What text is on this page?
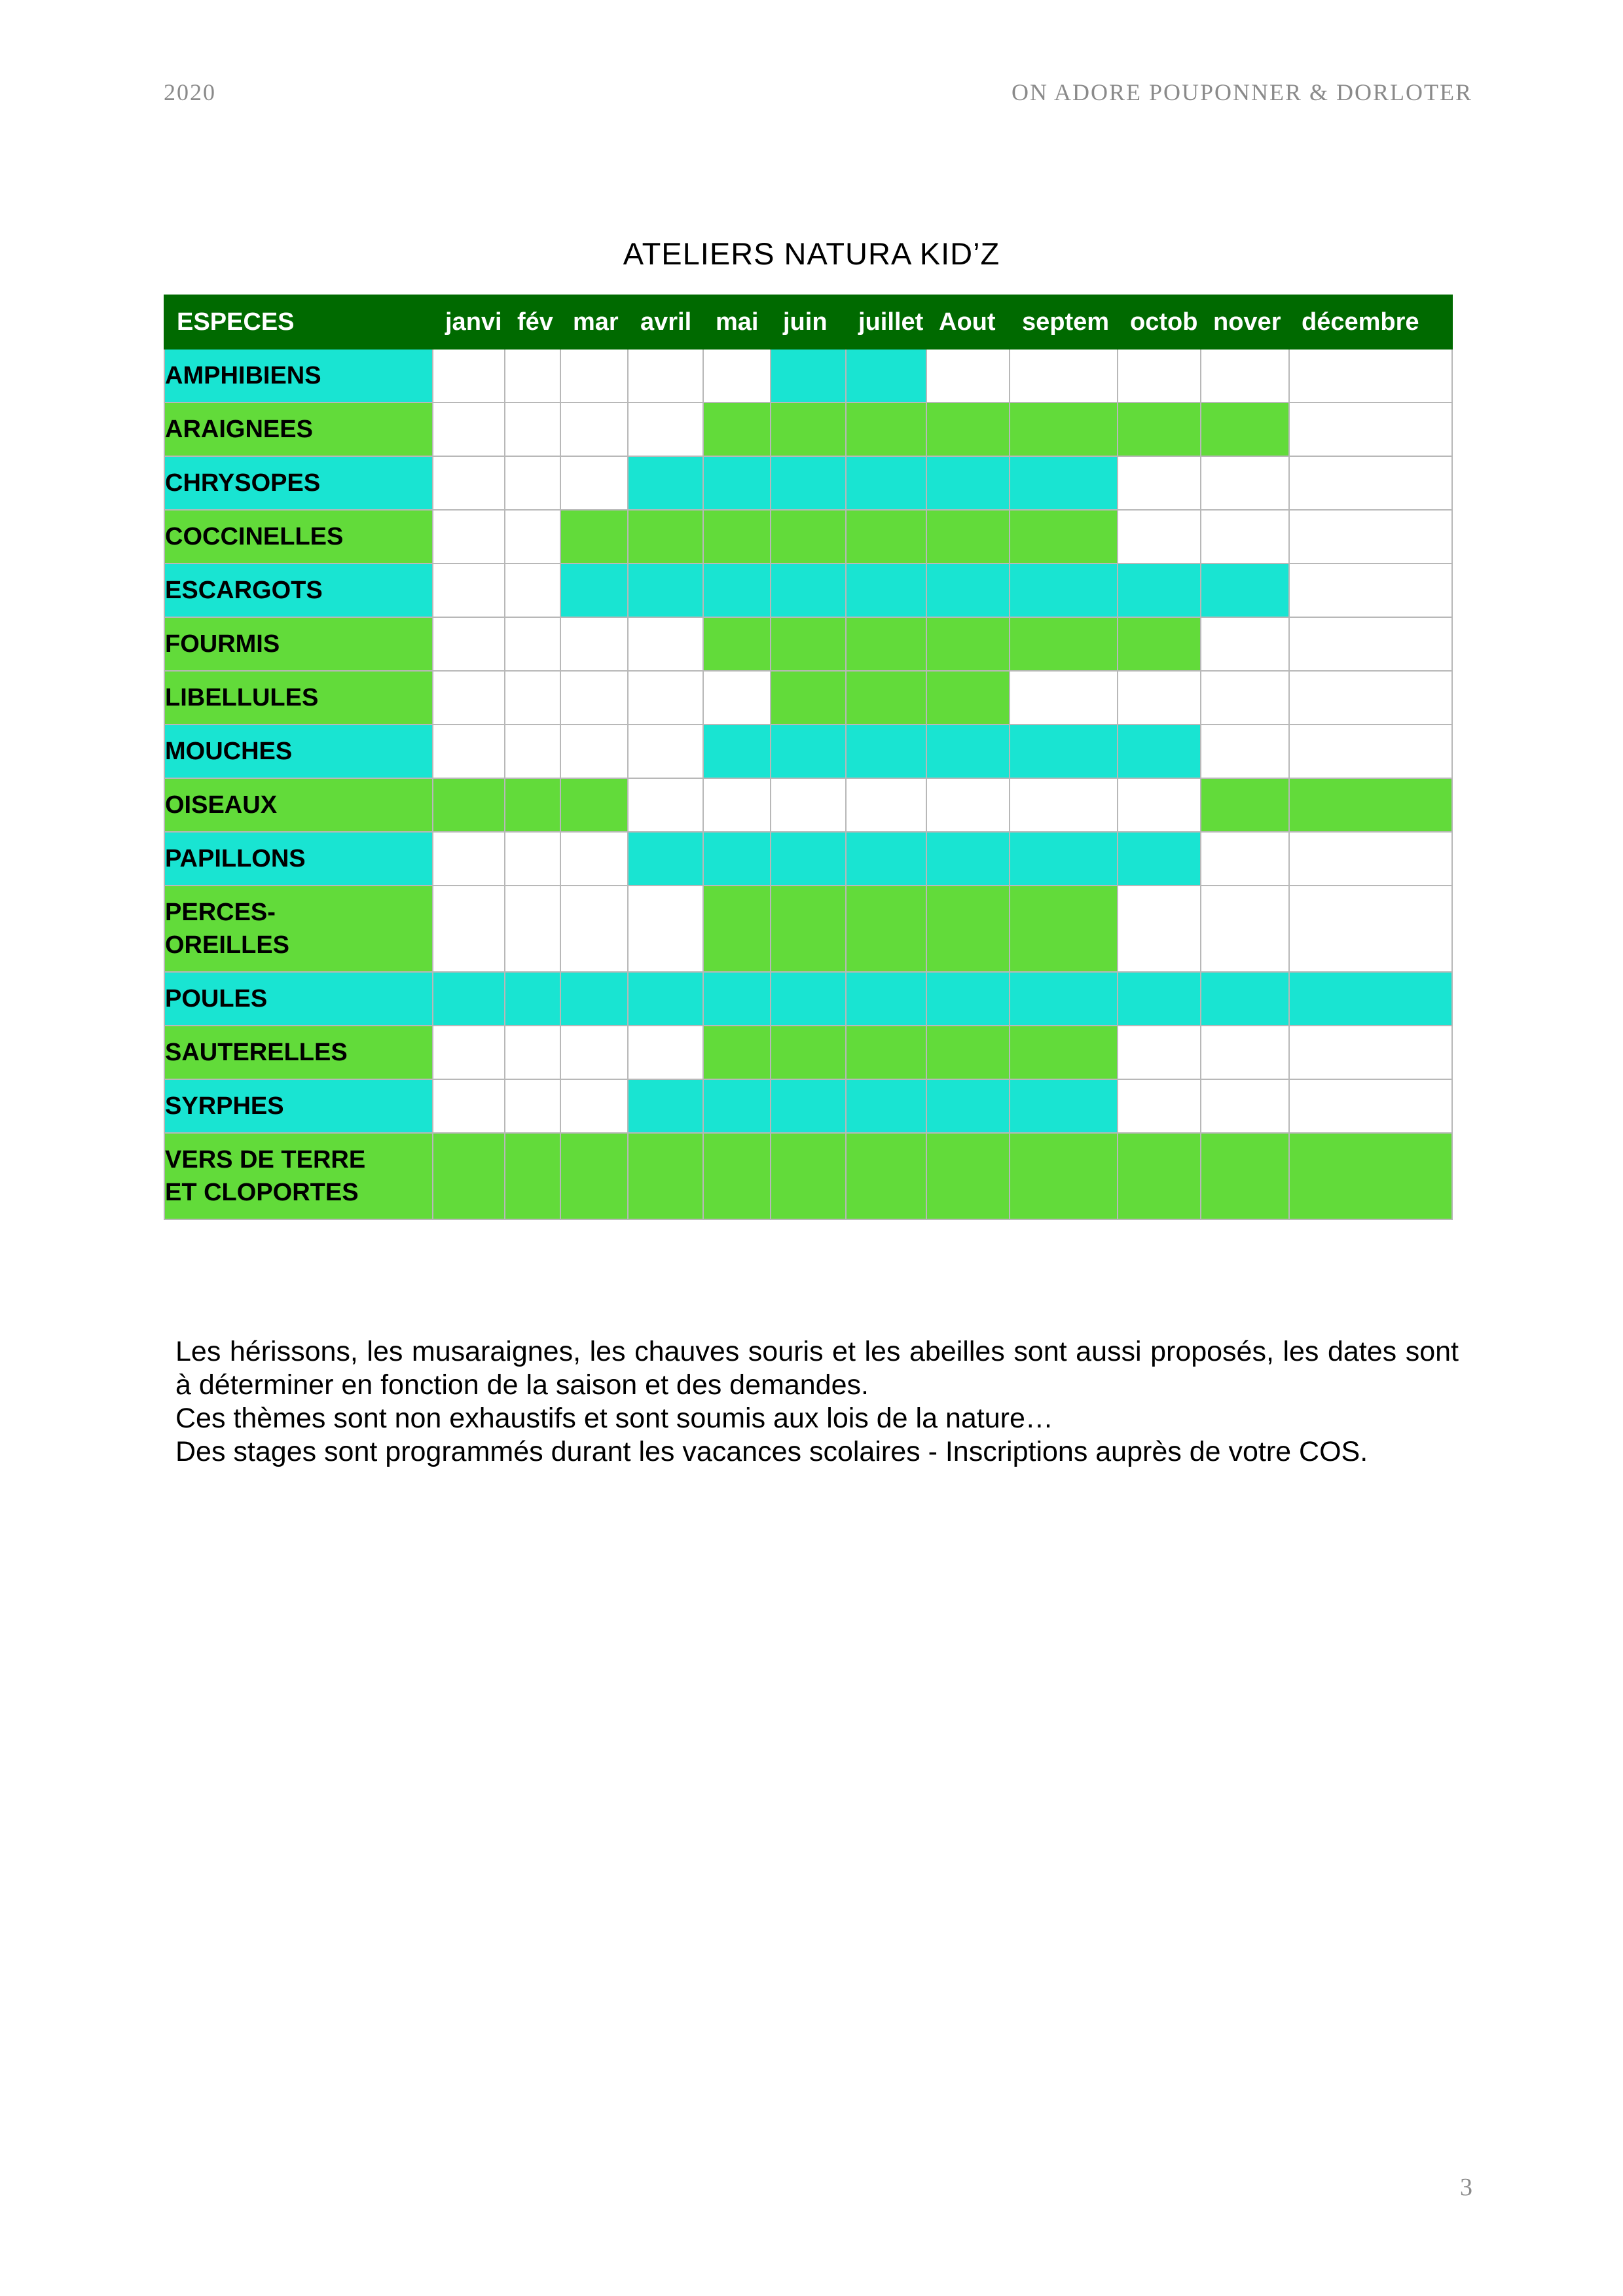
2020	ON ADORE POUPONNER & DORLOTER
ATELIERS NATURA KID’Z
ESPECES	janvi	fév	mar	avril	mai	juin	juillet	Aout	septem	octob	nover	décembre
AMPHIBIENS												
ARAIGNEES												
CHRYSOPES												
COCCINELLES												
ESCARGOTS												
FOURMIS												
LIBELLULES												
MOUCHES												
OISEAUX												
PAPILLONS												

PERCES-
OREILLES												

POULES												
SAUTERELLES												
SYRPHES												

VERS DE TERRE
ET CLOPORTES												

Les hérissons, les musaraignes, les chauves souris et les abeilles sont aussi proposés, les dates sont à déterminer en fonction de la saison et des demandes.

Ces thèmes sont non exhaustifs et sont soumis aux lois de la nature…

Des stages sont programmés durant les vacances scolaires - Inscriptions auprès de votre COS.

3
